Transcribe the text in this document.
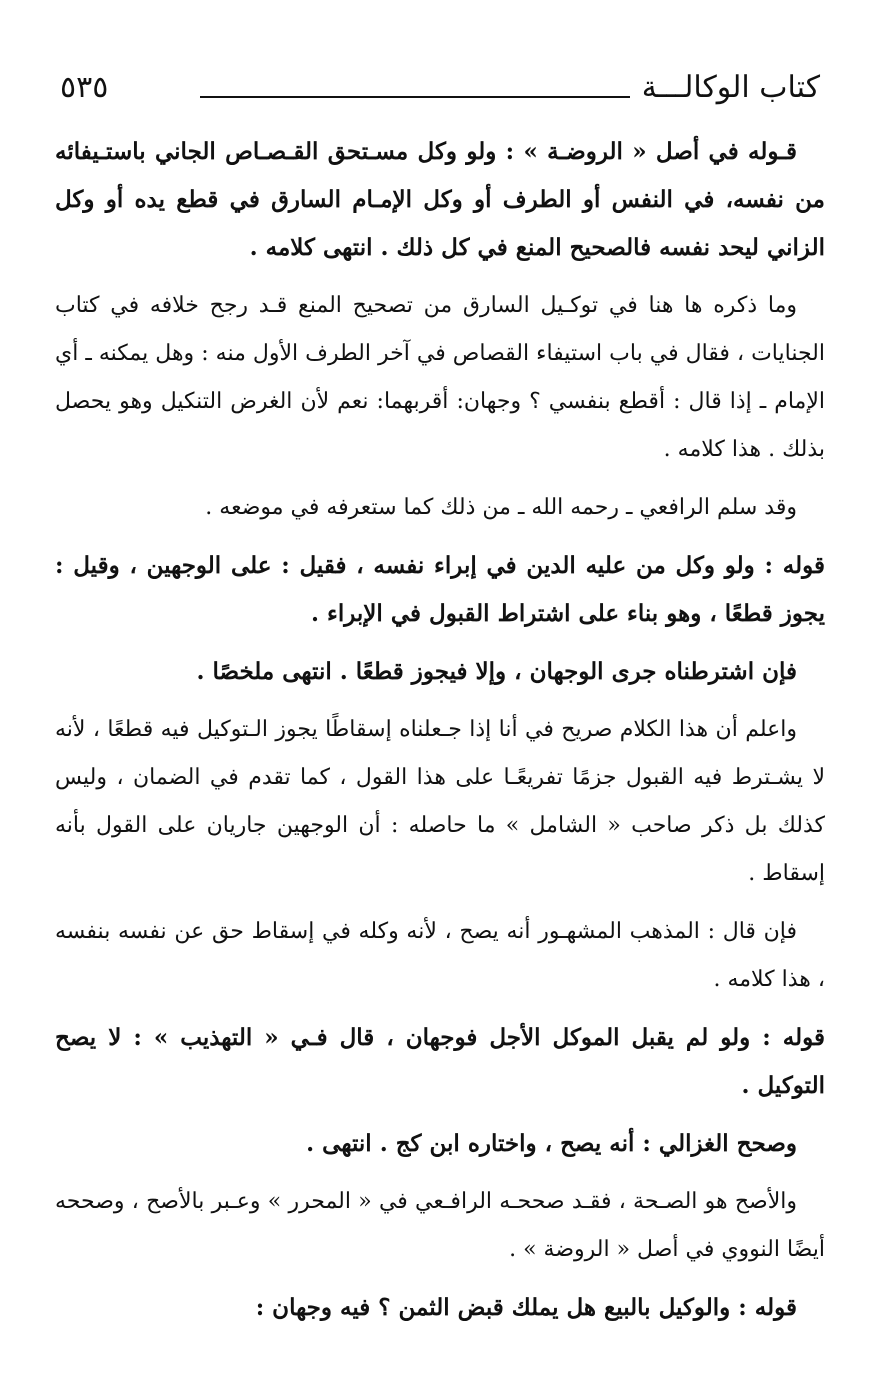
كتاب الوكالـــة
٥٣٥

قـوله في أصل « الروضـة » : ولو وكل مسـتحق القـصـاص الجاني باستـيفائه من نفسه، في النفس أو الطرف أو وكل الإمـام السارق في قطع يده أو وكل الزاني ليحد نفسه فالصحيح المنع في كل ذلك . انتهى كلامه .

وما ذكره ها هنا في توكـيل السارق من تصحيح المنع قـد رجح خلافه في كتاب الجنايات ، فقال في باب استيفاء القصاص في آخر الطرف الأول منه : وهل يمكنه ـ أي الإمام ـ إذا قال : أقطع بنفسي ؟ وجهان: أقربهما: نعم لأن الغرض التنكيل وهو يحصل بذلك . هذا كلامه .

وقد سلم الرافعي ـ رحمه الله ـ من ذلك كما ستعرفه في موضعه .

قوله : ولو وكل من عليه الدين في إبراء نفسه ، فقيل : على الوجهين ، وقيل : يجوز قطعًا ، وهو بناء على اشتراط القبول في الإبراء .

فإن اشترطناه جرى الوجهان ، وإلا فيجوز قطعًا . انتهى ملخصًا .

واعلم أن هذا الكلام صريح في أنا إذا جـعلناه إسقاطًا يجوز الـتوكيل فيه قطعًا ، لأنه لا يشـترط فيه القبول جزمًا تفريعًـا على هذا القول ، كما تقدم في الضمان ، وليس كذلك بل ذكر صاحب « الشامل » ما حاصله : أن الوجهين جاريان على القول بأنه إسقاط .

فإن قال : المذهب المشهـور أنه يصح ، لأنه وكله في إسقاط حق عن نفسه بنفسه ، هذا كلامه .

قوله : ولو لم يقبل الموكل الأجل فوجهان ، قال فـي « التهذيب » : لا يصح التوكيل .

وصحح الغزالي : أنه يصح ، واختاره ابن كج . انتهى .

والأصح هو الصـحة ، فقـد صححـه الرافـعي في « المحرر » وعـبر بالأصح ، وصححه أيضًا النووي في أصل « الروضة » .

قوله : والوكيل بالبيع هل يملك قبض الثمن ؟ فيه وجهان :
